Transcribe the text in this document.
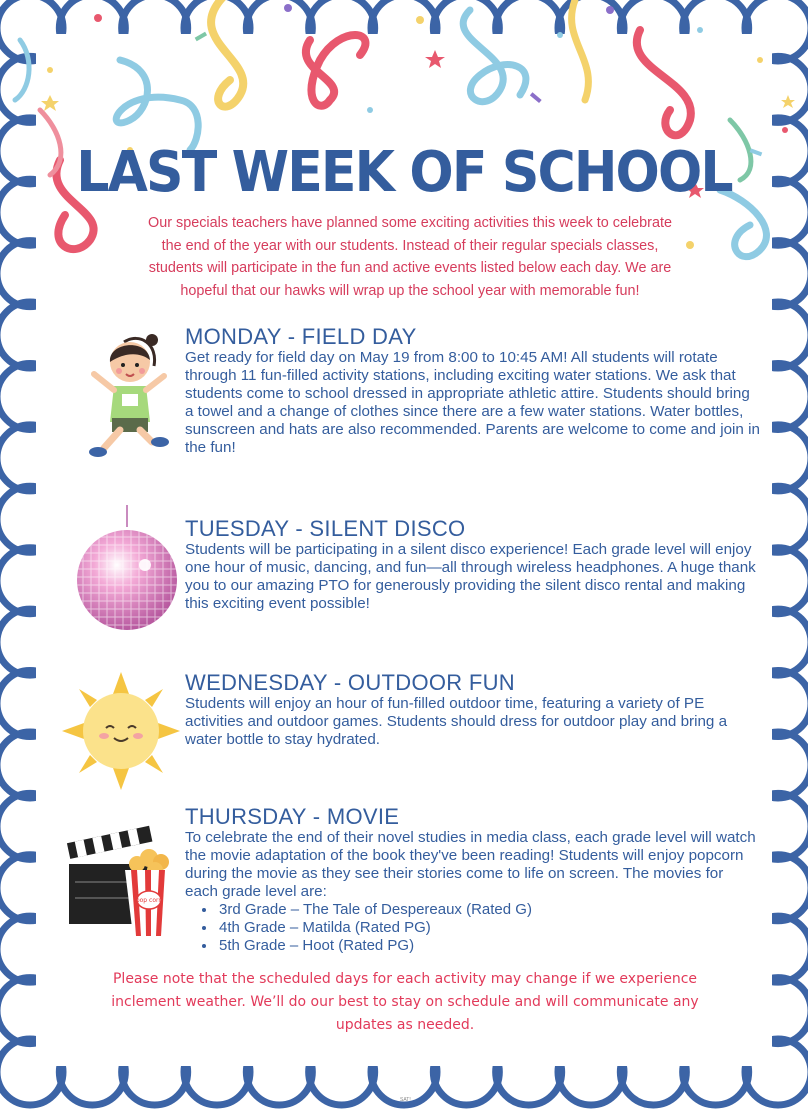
LAST WEEK OF SCHOOL
Our specials teachers have planned some exciting activities this week to celebrate the end of the year with our students. Instead of their regular specials classes, students will participate in the fun and active events listed below each day. We are hopeful that our hawks will wrap up the school year with memorable fun!
MONDAY - FIELD DAY

Get ready for field day on May 19 from 8:00 to 10:45 AM! All students will rotate through 11 fun-filled activity stations, including exciting water stations. We ask that students come to school dressed in appropriate athletic attire. Students should bring a towel and a change of clothes since there are a few water stations. Water bottles, sunscreen and hats are also recommended. Parents are welcome to come and join in the fun!

TUESDAY - SILENT DISCO

Students will be participating in a silent disco experience! Each grade level will enjoy one hour of music, dancing, and fun—all through wireless headphones. A huge thank you to our amazing PTO for generously providing the silent disco rental and making this exciting event possible!

WEDNESDAY - OUTDOOR FUN

Students will enjoy an hour of fun-filled outdoor time, featuring a variety of PE activities and outdoor games. Students should dress for outdoor play and bring a water bottle to stay hydrated.

THURSDAY - MOVIE

To celebrate the end of their novel studies in media class, each grade level will watch the movie adaptation of the book they've been reading! Students will enjoy popcorn during the movie as they see their stories come to life on screen. The movies for each grade level are:

• 3rd Grade – The Tale of Despereaux (Rated G)
• 4th Grade – Matilda (Rated PG)
• 5th Grade – Hoot (Rated PG)
Please note that the scheduled days for each activity may change if we experience inclement weather. We’ll do our best to stay on schedule and will communicate any updates as needed.
pop corn
SAT!
